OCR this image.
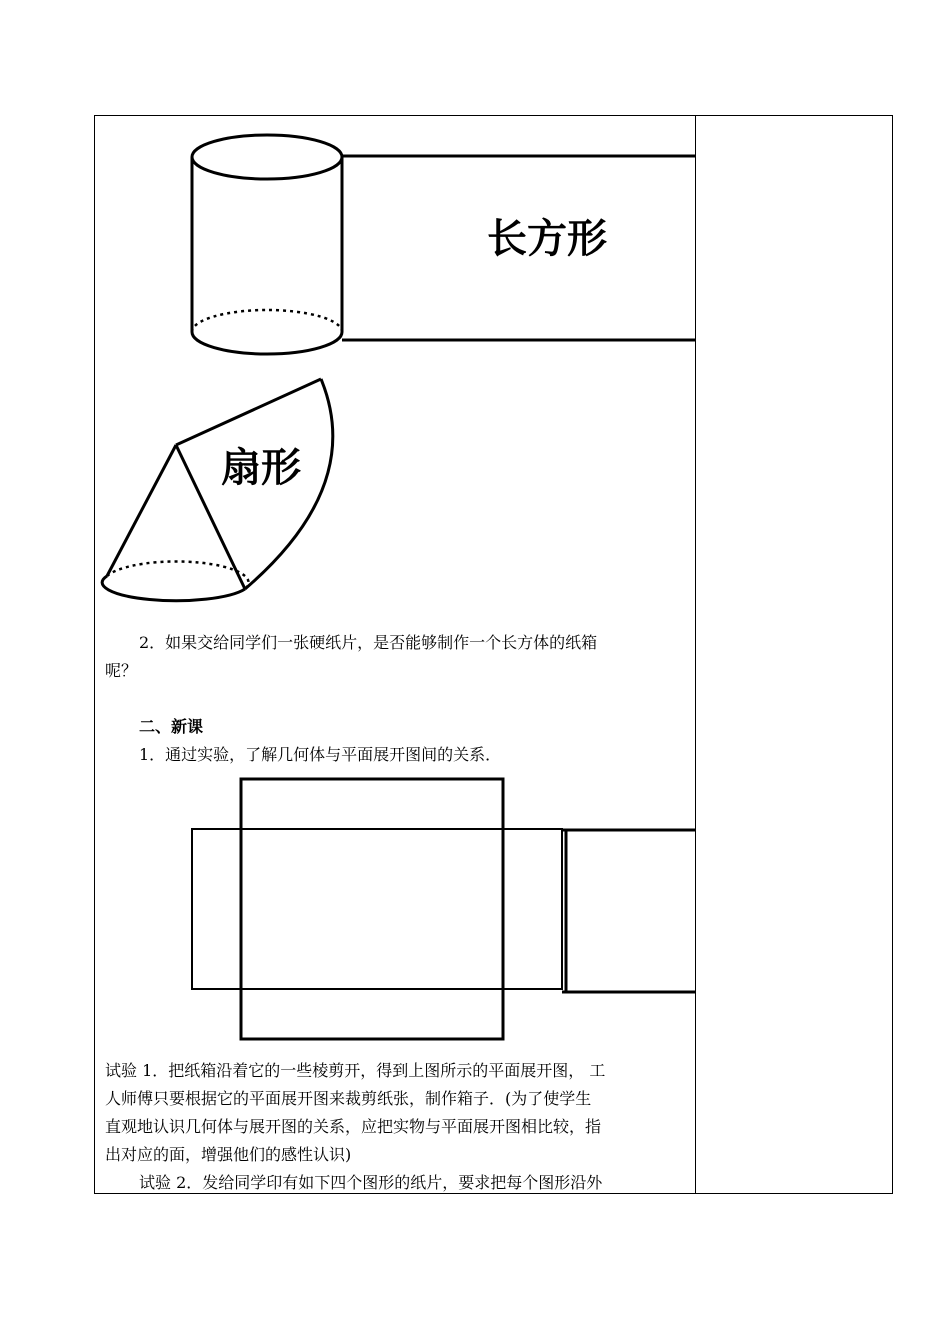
长方形
扇形
2．如果交给同学们一张硬纸片，是否能够制作一个长方体的纸箱
呢？
二、新课
1．通过实验，了解几何体与平面展开图间的关系．
试验 1．把纸箱沿着它的一些棱剪开，得到上图所示的平面展开图， 工
人师傅只要根据它的平面展开图来裁剪纸张，制作箱子．(为了使学生
直观地认识几何体与展开图的关系，应把实物与平面展开图相比较，指
出对应的面，增强他们的感性认识)
试验 2．发给同学印有如下四个图形的纸片，要求把每个图形沿外
